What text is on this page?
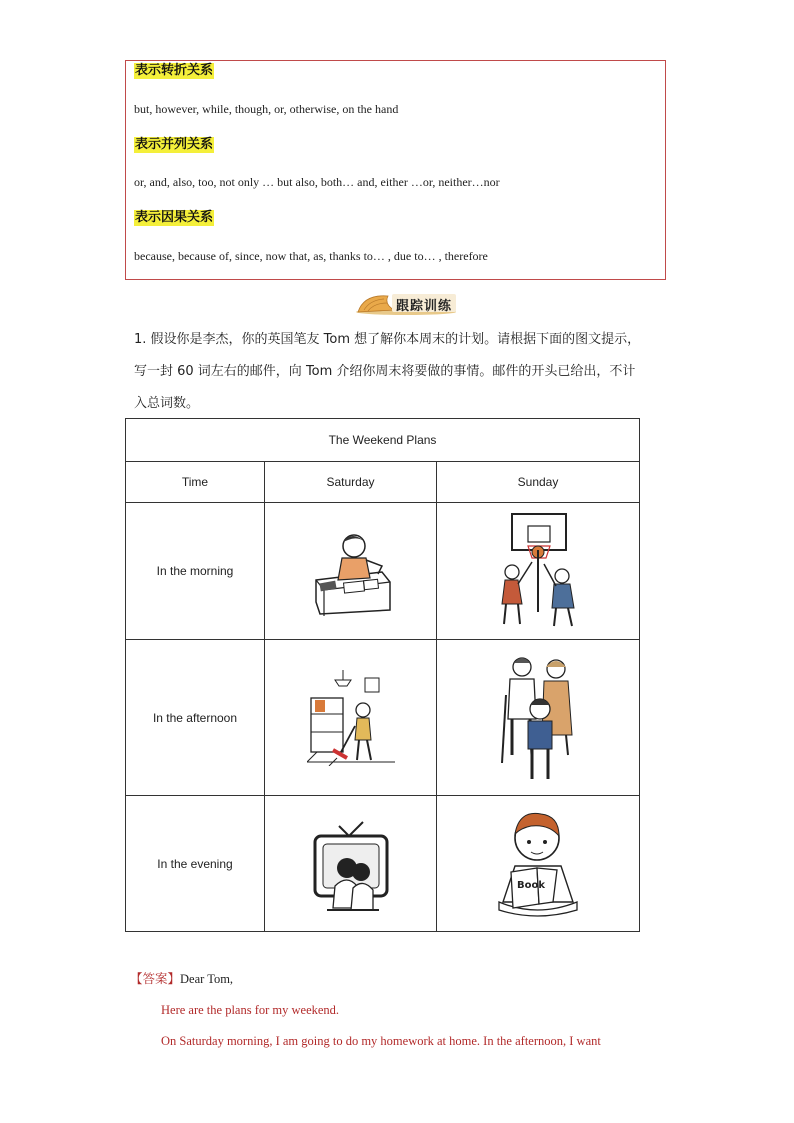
表示转折关系
but, however, while, though, or, otherwise, on the hand
表示并列关系
or, and, also, too, not only … but also, both… and, either …or, neither…nor
表示因果关系
because, because of, since, now that, as, thanks to… , due to… , therefore
跟踪训练
1. 假设你是李杰，你的英国笔友 Tom 想了解你本周末的计划。请根据下面的图文提示，
写一封 60 词左右的邮件，向 Tom 介绍你周末将要做的事情。邮件的开头已给出，不计
入总词数。
The Weekend Plans		
Time	Saturday	Sunday
In the morning	

In the afternoon	

In the evening		Book
【答案】Dear Tom,
Here are the plans for my weekend.
On Saturday morning, I am going to do my homework at home. In the afternoon, I want
